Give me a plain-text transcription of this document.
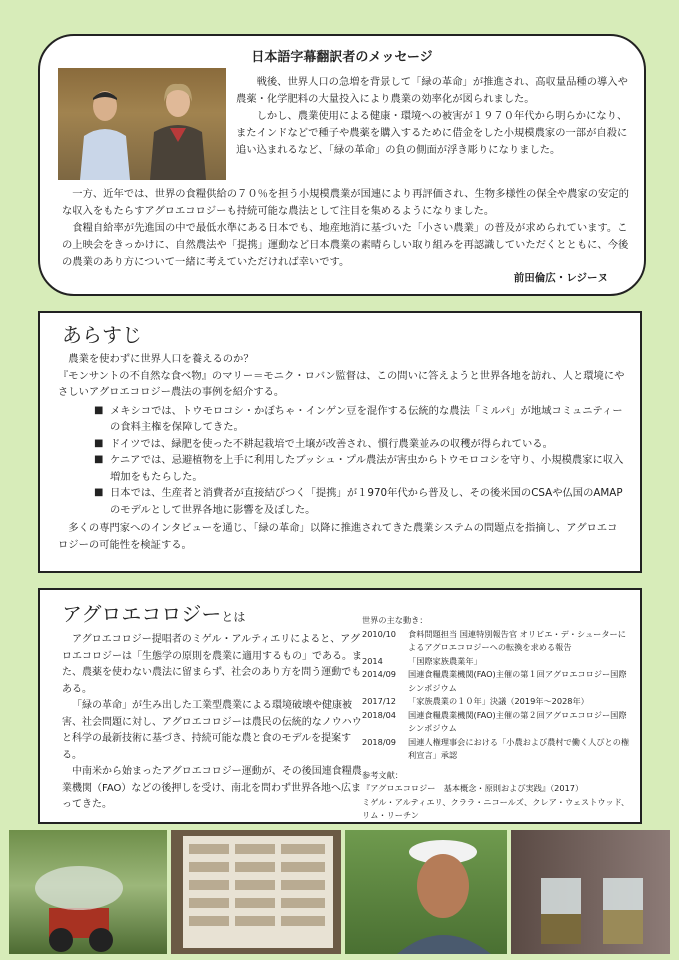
日本語字幕翻訳者のメッセージ

戦後、世界人口の急増を背景して「緑の革命」が推進され、高収量品種の導入や農薬・化学肥料の大量投入により農業の効率化が図られました。

しかし、農業使用による健康・環境への被害が１９７０年代から明らかになり、またインドなどで種子や農薬を購入するために借金をした小規模農家の一部が自殺に追い込まれるなど、「緑の革命」の負の側面が浮き彫りになりました。

一方、近年では、世界の食糧供給の７０％を担う小規模農業が国連により再評価され、生物多様性の保全や農家の安定的な収入をもたらすアグロエコロジーも持続可能な農法として注目を集めるようになりました。

食糧自給率が先進国の中で最低水準にある日本でも、地産地消に基づいた「小さい農業」の普及が求められています。この上映会をきっかけに、自然農法や「提携」運動など日本農業の素晴らしい取り組みを再認識していただくとともに、今後の農業のあり方について一緒に考えていただければ幸いです。

前田倫広・レジーヌ
あらすじ

農業を使わずに世界人口を養えるのか？

『モンサントの不自然な食べ物』のマリー＝モニク・ロバン監督は、この問いに答えようと世界各地を訪れ、人と環境にやさしいアグロエコロジー農法の事例を紹介する。

■ メキシコでは、トウモロコシ・かぼちゃ・インゲン豆を混作する伝統的な農法「ミルパ」が地域コミュニティーの食料主権を保障してきた。
■ ドイツでは、緑肥を使った不耕起栽培で土壌が改善され、慣行農業並みの収穫が得られている。
■ ケニアでは、忌避植物を上手に利用したブッシュ・プル農法が害虫からトウモロコシを守り、小規模農家に収入増加をもたらした。
■ 日本では、生産者と消費者が直接結びつく「提携」が１970年代から普及し、その後米国のCSAや仏国のAMAPのモデルとして世界各地に影響を及ぼした。

多くの専門家へのインタビューを通じ、「緑の革命」以降に推進されてきた農業システムの問題点を指摘し、アグロエコロジーの可能性を検証する。

アグロエコロジーとは

アグロエコロジー提唱者のミゲル・アルティエリによると、アグロエコロジーは「生態学の原則を農業に適用するもの」である。また、農薬を使わない農法に留まらず、社会のあり方を問う運動でもある。

「緑の革命」が生み出した工業型農業による環境破壊や健康被害、社会問題に対し、アグロエコロジーは農民の伝統的なノウハウと科学の最新技術に基づき、持続可能な農と食のモデルを提案する。

中南米から始まったアグロエコロジー運動が、その後国連食糧農業機関（FAO）などの後押しを受け、南北を問わず世界各地へ広まってきた。

世界の主な動き：
2010/10	食料問題担当 国連特別報告官 オリビエ・デ・シューターによるアグロエコロジーへの転換を求める報告
2014	「国際家族農業年」
2014/09	国連食糧農業機関(FAO)主催の第１回アグロエコロジー国際シンポジウム
2017/12	「家族農業の１０年」決議（2019年〜2028年）
2018/04	国連食糧農業機関(FAO)主催の第２回アグロエコロジー国際シンポジウム
2018/09	国連人権理事会における「小農および農村で働く人びとの権利宣言」承認
参考文献：
『アグロエコロジー　基本概念・原則および実践』（2017）
ミゲル・アルティエリ、クララ・ニコールズ、クレア・ウェストウッド、リム・リーチン
